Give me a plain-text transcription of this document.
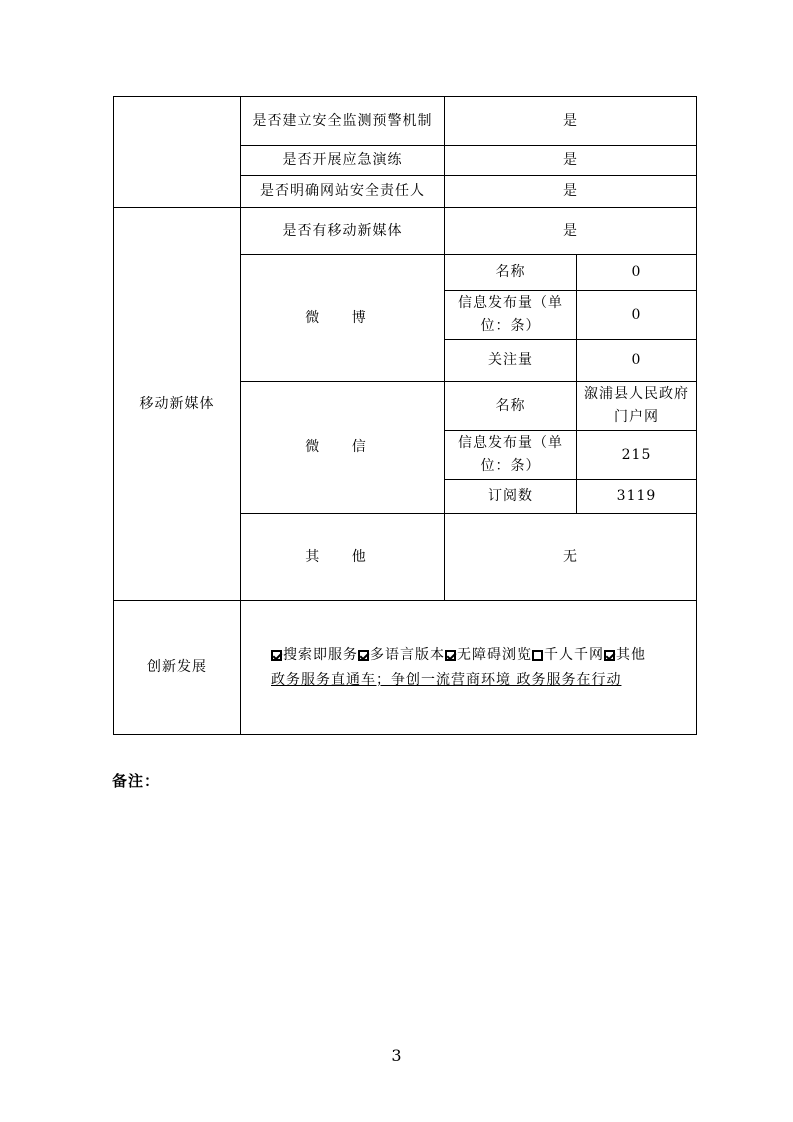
	是否建立安全监测预警机制	是	
	是否开展应急演练	是	
	是否明确网站安全责任人	是	
移动新媒体	是否有移动新媒体	是	
	微 博	名称	0
		信息发布量（单位：条）	0
		关注量	0
	微 信	名称	溆浦县人民政府门户网
		信息发布量（单位：条）	215
		订阅数	3119
	其 他	无	
创新发展	搜索即服务 多语言版本 无障碍浏览 千人千网 其他
政务服务直通车；争创一流营商环境 政务服务在行动		
备注：
3
